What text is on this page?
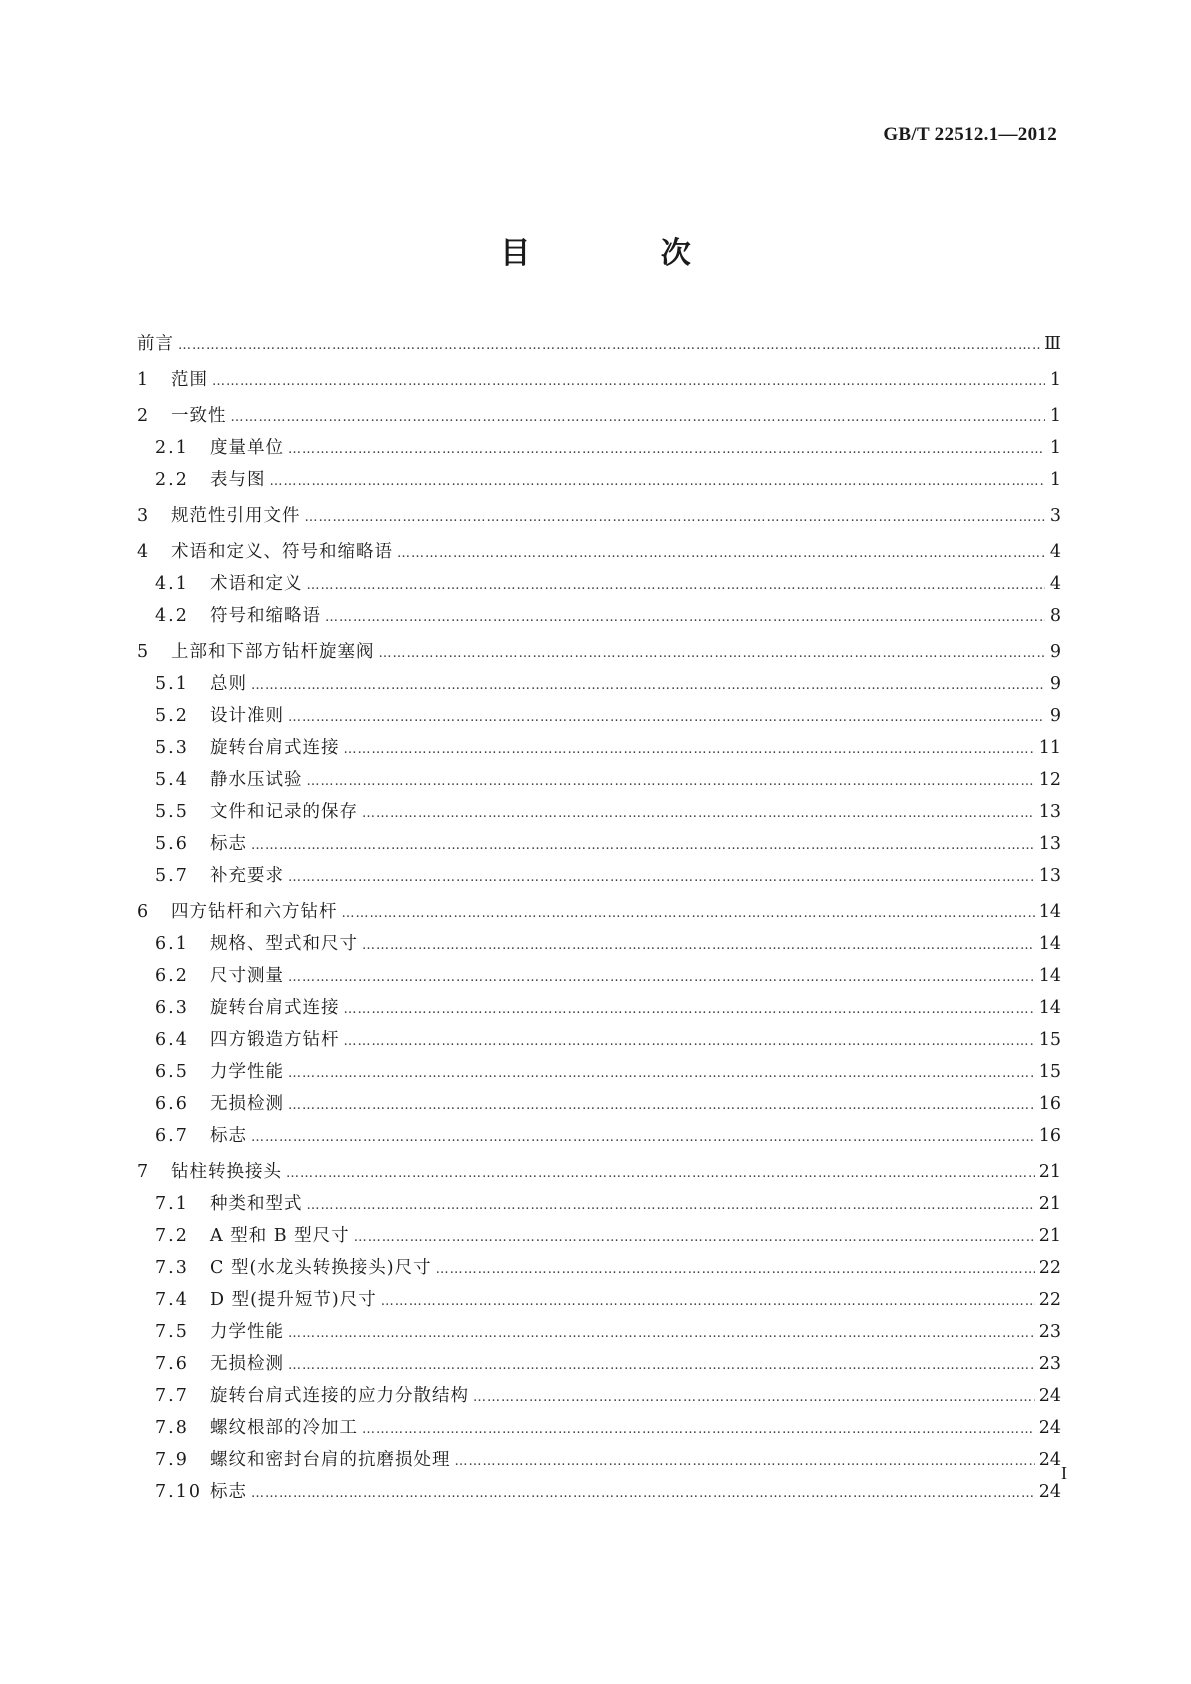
GB/T 22512.1—2012
目 次
前言 ……………………………………………………………………………………………………………………………………………………………………………………………………………………………………………………………………………………	Ⅲ
1	范围 ……………………………………………………………………………………………………………………………………………………………………………………………………………………………………………………………………………………	1
2	一致性 ……………………………………………………………………………………………………………………………………………………………………………………………………………………………………………………………………………………	1
2.1	度量单位 ……………………………………………………………………………………………………………………………………………………………………………………………………………………………………………………………………………………	1
2.2	表与图 ……………………………………………………………………………………………………………………………………………………………………………………………………………………………………………………………………………………	1
3	规范性引用文件 ……………………………………………………………………………………………………………………………………………………………………………………………………………………………………………………………………………………	3
4	术语和定义、符号和缩略语 ……………………………………………………………………………………………………………………………………………………………………………………………………………………………………………………………………………………	4
4.1	术语和定义 ……………………………………………………………………………………………………………………………………………………………………………………………………………………………………………………………………………………	4
4.2	符号和缩略语 ……………………………………………………………………………………………………………………………………………………………………………………………………………………………………………………………………………………	8
5	上部和下部方钻杆旋塞阀 ……………………………………………………………………………………………………………………………………………………………………………………………………………………………………………………………………………………	9
5.1	总则 ……………………………………………………………………………………………………………………………………………………………………………………………………………………………………………………………………………………	9
5.2	设计准则 ……………………………………………………………………………………………………………………………………………………………………………………………………………………………………………………………………………………	9
5.3	旋转台肩式连接 ……………………………………………………………………………………………………………………………………………………………………………………………………………………………………………………………………………………	11
5.4	静水压试验 ……………………………………………………………………………………………………………………………………………………………………………………………………………………………………………………………………………………	12
5.5	文件和记录的保存 ……………………………………………………………………………………………………………………………………………………………………………………………………………………………………………………………………………………	13
5.6	标志 ……………………………………………………………………………………………………………………………………………………………………………………………………………………………………………………………………………………	13
5.7	补充要求 ……………………………………………………………………………………………………………………………………………………………………………………………………………………………………………………………………………………	13
6	四方钻杆和六方钻杆 ……………………………………………………………………………………………………………………………………………………………………………………………………………………………………………………………………………………	14
6.1	规格、型式和尺寸 ……………………………………………………………………………………………………………………………………………………………………………………………………………………………………………………………………………………	14
6.2	尺寸测量 ……………………………………………………………………………………………………………………………………………………………………………………………………………………………………………………………………………………	14
6.3	旋转台肩式连接 ……………………………………………………………………………………………………………………………………………………………………………………………………………………………………………………………………………………	14
6.4	四方锻造方钻杆 ……………………………………………………………………………………………………………………………………………………………………………………………………………………………………………………………………………………	15
6.5	力学性能 ……………………………………………………………………………………………………………………………………………………………………………………………………………………………………………………………………………………	15
6.6	无损检测 ……………………………………………………………………………………………………………………………………………………………………………………………………………………………………………………………………………………	16
6.7	标志 ……………………………………………………………………………………………………………………………………………………………………………………………………………………………………………………………………………………	16
7	钻柱转换接头 ……………………………………………………………………………………………………………………………………………………………………………………………………………………………………………………………………………………	21
7.1	种类和型式 ……………………………………………………………………………………………………………………………………………………………………………………………………………………………………………………………………………………	21
7.2	A 型和 B 型尺寸 ……………………………………………………………………………………………………………………………………………………………………………………………………………………………………………………………………………………	21
7.3	C 型(水龙头转换接头)尺寸 ……………………………………………………………………………………………………………………………………………………………………………………………………………………………………………………………………………………	22
7.4	D 型(提升短节)尺寸 ……………………………………………………………………………………………………………………………………………………………………………………………………………………………………………………………………………………	22
7.5	力学性能 ……………………………………………………………………………………………………………………………………………………………………………………………………………………………………………………………………………………	23
7.6	无损检测 ……………………………………………………………………………………………………………………………………………………………………………………………………………………………………………………………………………………	23
7.7	旋转台肩式连接的应力分散结构 ……………………………………………………………………………………………………………………………………………………………………………………………………………………………………………………………………………………	24
7.8	螺纹根部的冷加工 ……………………………………………………………………………………………………………………………………………………………………………………………………………………………………………………………………………………	24
7.9	螺纹和密封台肩的抗磨损处理 ……………………………………………………………………………………………………………………………………………………………………………………………………………………………………………………………………………………	24
7.10 标志 ……………………………………………………………………………………………………………………………………………………………………………………………………………………………………………………………………………………	24
I
